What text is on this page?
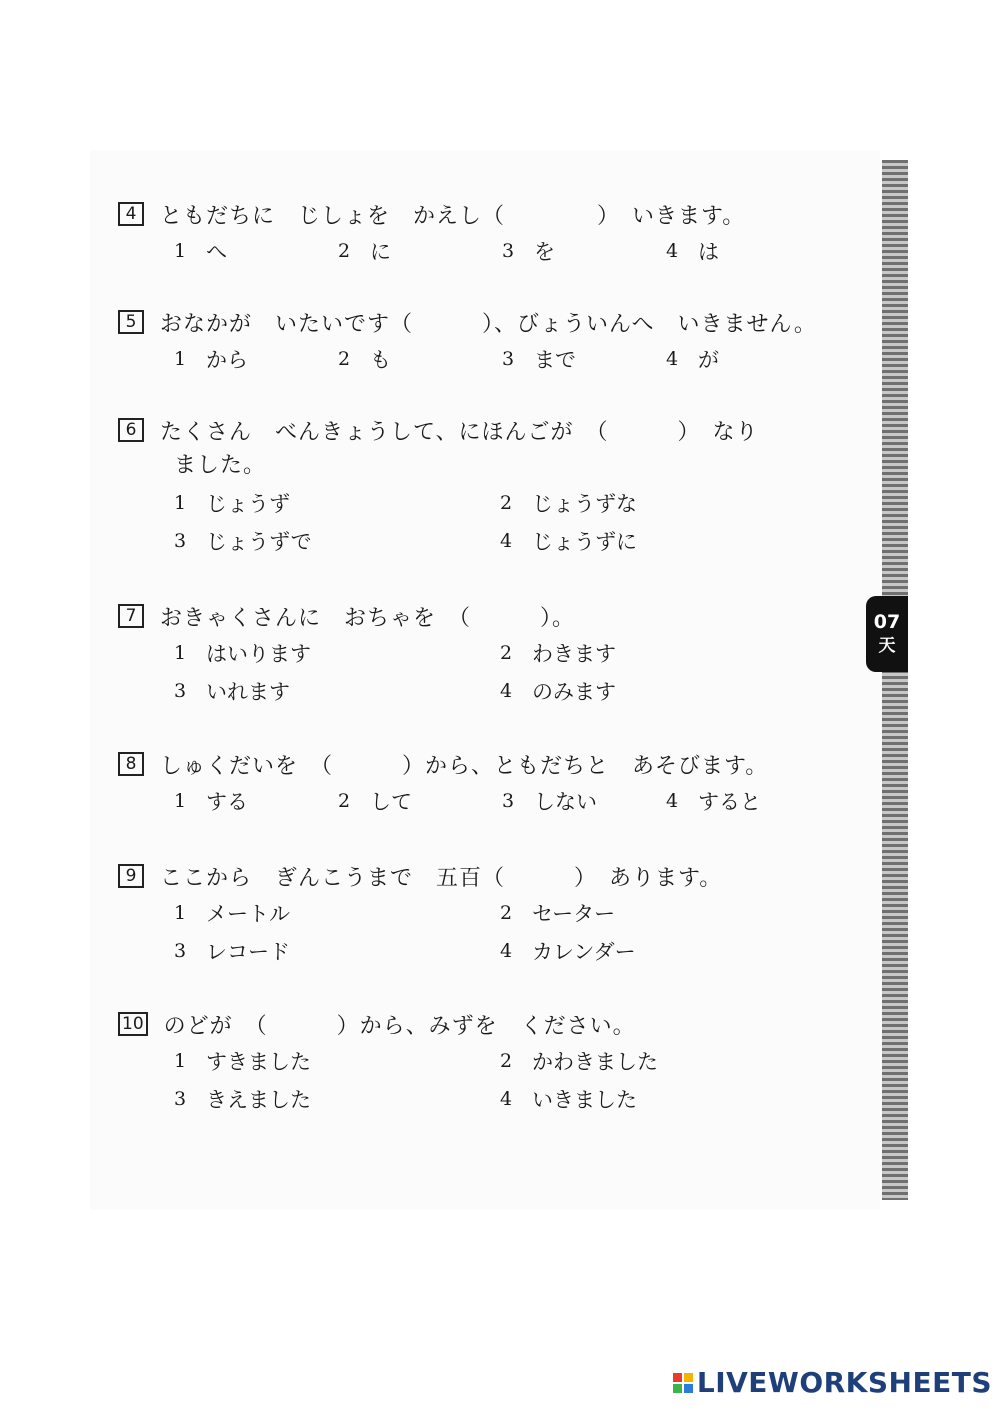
4	ともだちに　じしょを　かえし（　　　　）　いきます。
1 へ	2 に	3 を	4 は
5	おなかが　いたいです（　　　）、びょういんへ　いきません。
1 から	2 も	3 まで	4 が
6	たくさん　べんきょうして、にほんごが　（　　　）　なり
ました。
1 じょうず	2 じょうずな
3 じょうずで	4 じょうずに
7	おきゃくさんに　おちゃを　（　　　）。
1 はいります	2 わきます
3 いれます	4 のみます
8	しゅくだいを　（　　　）から、ともだちと　あそびます。
1 する	2 して	3 しない	4 すると
9	ここから　ぎんこうまで　五百（　　　）　あります。
1 メートル	2 セーター
3 レコード	4 カレンダー
10 のどが　（　　　）から、みずを　ください。
1 すきました	2 かわきました
3 きえました	4 いきました
07
天
LIVEWORKSHEETS
